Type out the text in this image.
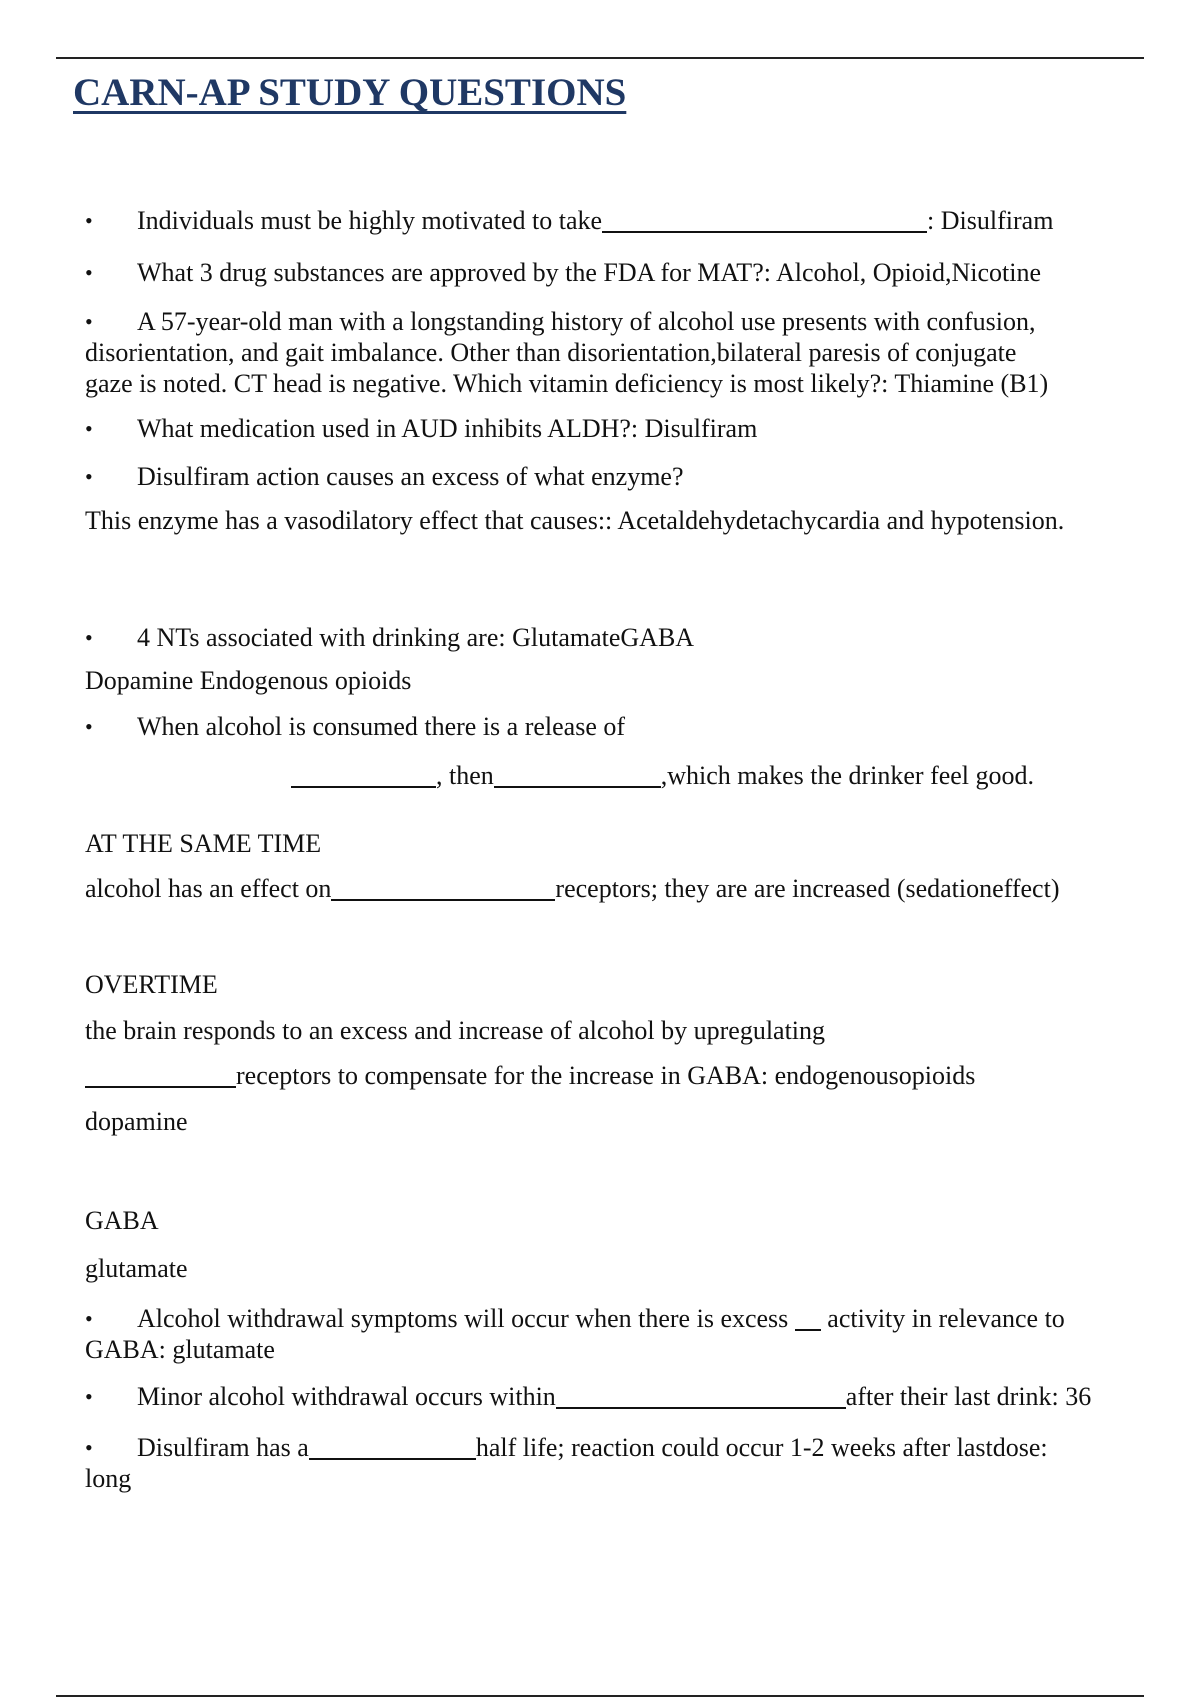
CARN-AP STUDY QUESTIONS
• Individuals must be highly motivated to take	: Disulfiram
• What 3 drug substances are approved by the FDA for MAT?: Alcohol, Opioid,Nicotine
• A 57-year-old man with a longstanding history of alcohol use presents with confusion,
disorientation, and gait imbalance. Other than disorientation,bilateral paresis of conjugate
gaze is noted. CT head is negative. Which vitamin deficiency is most likely?: Thiamine (B1)
• What medication used in AUD inhibits ALDH?: Disulfiram
• Disulfiram action causes an excess of what enzyme?
This enzyme has a vasodilatory effect that causes:: Acetaldehydetachycardia and hypotension.
• 4 NTs associated with drinking are: GlutamateGABA
Dopamine Endogenous opioids
• When alcohol is consumed there is a release of
, then	,which makes the drinker feel good.
AT THE SAME TIME
alcohol has an effect on	receptors; they are are increased (sedationeffect)
OVERTIME
the brain responds to an excess and increase of alcohol by upregulating
receptors to compensate for the increase in GABA: endogenousopioids
dopamine
GABA
glutamate
• Alcohol withdrawal symptoms will occur when there is excess activity in relevance to
GABA: glutamate
• Minor alcohol withdrawal occurs within	after their last drink: 36
• Disulfiram has a	half life; reaction could occur 1-2 weeks after lastdose:
long
